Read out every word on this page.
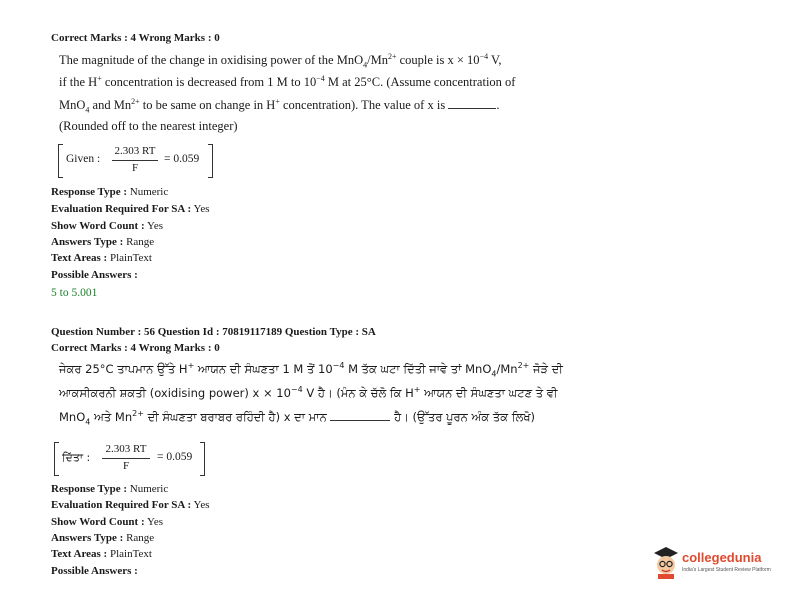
Correct Marks : 4 Wrong Marks : 0
The magnitude of the change in oxidising power of the $MnO_4/Mn^{2+}$ couple is $x \times 10^{-4}$ V,
if the H+ concentration is decreased from 1 M to $10^{-4}$ M at 25°C. (Assume concentration of
MnO$_4$ and $Mn^{2+}$ to be same on change in H+ concentration). The value of x is	.
(Rounded off to the nearest integer)
Given :
2.303 RT
F
= 0.059
Response Type : Numeric
Evaluation Required For SA : Yes
Show Word Count : Yes
Answers Type : Range
Text Areas : PlainText
Possible Answers :
5 to 5.001
Question Number : 56 Question Id : 70819117189 Question Type : SA
Correct Marks : 4 Wrong Marks : 0
ਜੇਕਰ 25°C ਤਾਪਮਾਨ ਉੱਤੇ H+ ਆਯਨ ਦੀ ਸੰਘਣਤਾ 1 M ਤੋਂ $10^{-4}$ M ਤੱਕ ਘਟਾ ਦਿੱਤੀ ਜਾਵੇ ਤਾਂ $MnO_4/Mn^{2+}$ ਜੋੜੇ ਦੀ
ਆਕਸੀਕਰਨੀ ਸ਼ਕਤੀ (oxidising power) $x \times 10^{-4}$ V ਹੈ। (ਮੰਨ ਕੇ ਚੱਲੋ ਕਿ H+ ਆਯਨ ਦੀ ਸੰਘਣਤਾ ਘਟਣ ਤੇ ਵੀ
MnO$_4$ ਅਤੇ $Mn^{2+}$ ਦੀ ਸੰਘਣਤਾ ਬਰਾਬਰ ਰਹਿੰਦੀ ਹੈ) x ਦਾ ਮਾਨ	ਹੈ। (ਉੱਤਰ ਪੂਰਨ ਅੰਕ ਤੱਕ ਲਿਖੋ)
ਦਿੱਤਾ :
2.303 RT
F
= 0.059
Response Type : Numeric
Evaluation Required For SA : Yes
Show Word Count : Yes
Answers Type : Range
Text Areas : PlainText
Possible Answers :
collegedunia
India's Largest Student Review Platform
